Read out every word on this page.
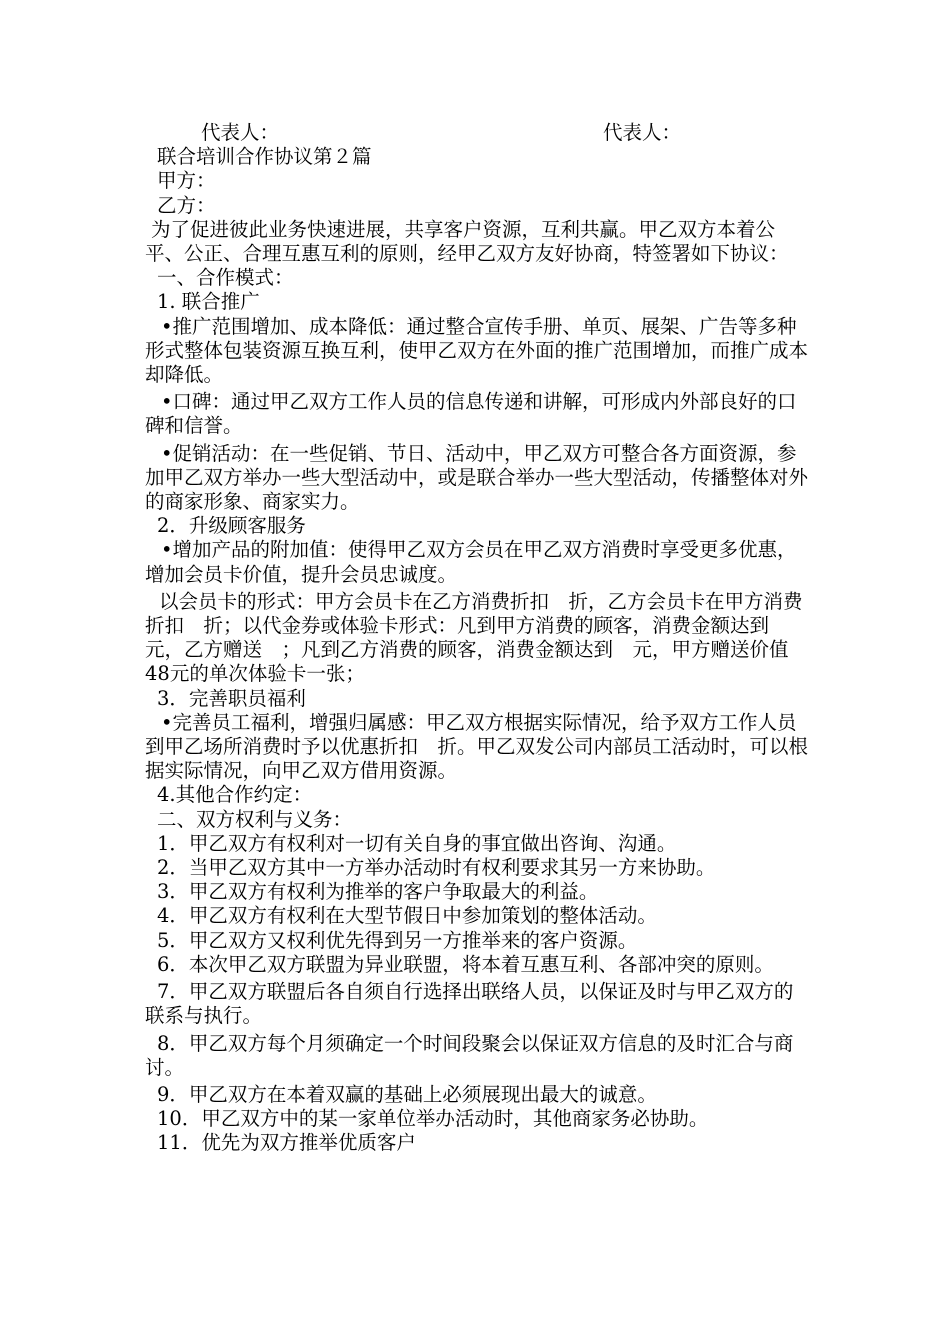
代表人：	代表人：

联合培训合作协议第２篇

甲方：

乙方：

为了促进彼此业务快速进展，共享客户资源，互利共赢。甲乙双方本着公平、公正、合理互惠互利的原则，经甲乙双方友好协商，特签署如下协议：

一、合作模式：

1. 联合推广

•推广范围增加、成本降低：通过整合宣传手册、单页、展架、广告等多种形式整体包装资源互换互利，使甲乙双方在外面的推广范围增加，而推广成本却降低。

•口碑：通过甲乙双方工作人员的信息传递和讲解，可形成内外部良好的口碑和信誉。

•促销活动：在一些促销、节日、活动中，甲乙双方可整合各方面资源，参加甲乙双方举办一些大型活动中，或是联合举办一些大型活动，传播整体对外的商家形象、商家实力。

2．升级顾客服务

•增加产品的附加值：使得甲乙双方会员在甲乙双方消费时享受更多优惠，增加会员卡价值，提升会员忠诚度。

以会员卡的形式：甲方会员卡在乙方消费折扣　折，乙方会员卡在甲方消费折扣　折；以代金券或体验卡形式：凡到甲方消费的顾客，消费金额达到　元，乙方赠送　；凡到乙方消费的顾客，消费金额达到　元，甲方赠送价值48元的单次体验卡一张；

3．完善职员福利

•完善员工福利，增强归属感：甲乙双方根据实际情况，给予双方工作人员到甲乙场所消费时予以优惠折扣　折。甲乙双发公司内部员工活动时，可以根据实际情况，向甲乙双方借用资源。

4.其他合作约定：

二、双方权利与义务：

1．甲乙双方有权利对一切有关自身的事宜做出咨询、沟通。

2．当甲乙双方其中一方举办活动时有权利要求其另一方来协助。

3．甲乙双方有权利为推举的客户争取最大的利益。

4．甲乙双方有权利在大型节假日中参加策划的整体活动。

5．甲乙双方又权利优先得到另一方推举来的客户资源。

6．本次甲乙双方联盟为异业联盟，将本着互惠互利、各部冲突的原则。

7．甲乙双方联盟后各自须自行选择出联络人员，以保证及时与甲乙双方的联系与执行。

8．甲乙双方每个月须确定一个时间段聚会以保证双方信息的及时汇合与商讨。

9．甲乙双方在本着双赢的基础上必须展现出最大的诚意。

10．甲乙双方中的某一家单位举办活动时，其他商家务必协助。

11．优先为双方推举优质客户
